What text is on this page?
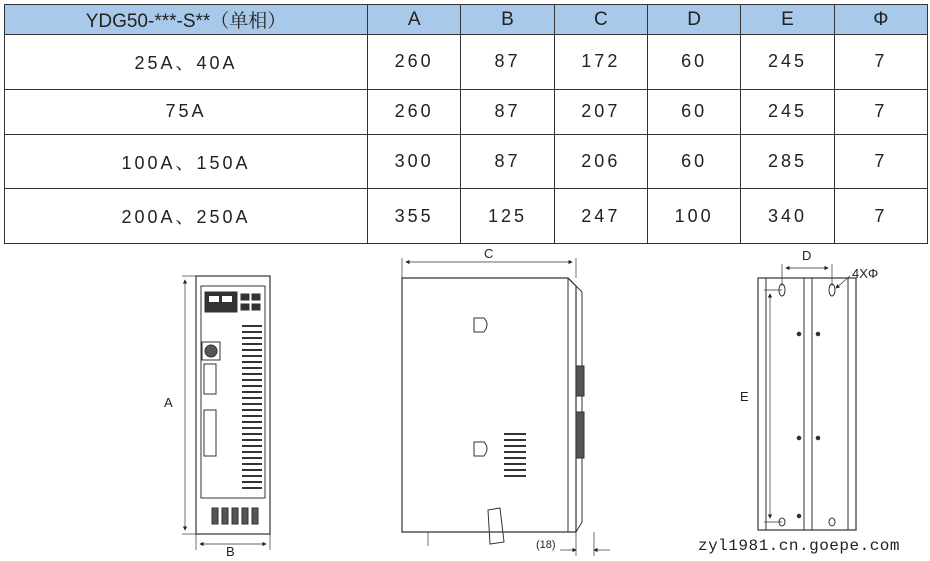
YDG50-***-S**（单相）	A	B	C	D	E	Φ
25A、40A	260	87	172	60	245	7
75A	260	87	207	60	245	7
100A、150A	300	87	206	60	285	7
200A、250A	355	125	247	100	340	7
A
B
C
(18)
D
4XΦ
E
zyl1981.cn.goepe.com
